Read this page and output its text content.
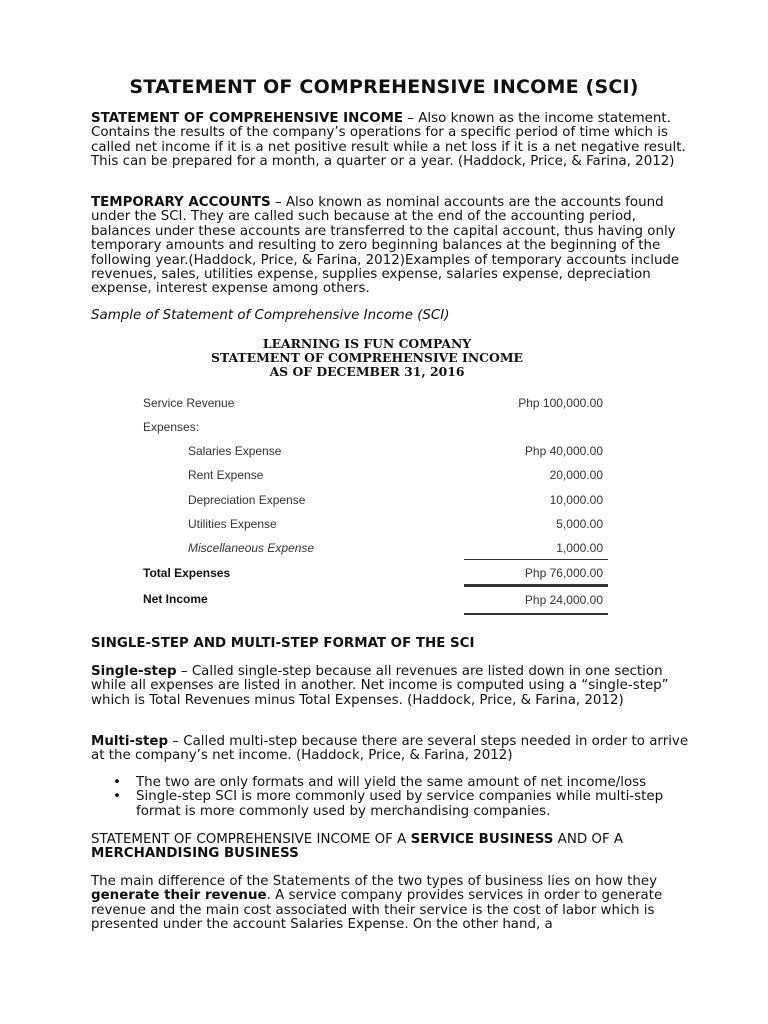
STATEMENT OF COMPREHENSIVE INCOME (SCI)

STATEMENT OF COMPREHENSIVE INCOME – Also known as the income statement. Contains the results of the company’s operations for a specific period of time which is called net income if it is a net positive result while a net loss if it is a net negative result. This can be prepared for a month, a quarter or a year. (Haddock, Price, & Farina, 2012)

TEMPORARY ACCOUNTS – Also known as nominal accounts are the accounts found under the SCI. They are called such because at the end of the accounting period, balances under these accounts are transferred to the capital account, thus having only temporary amounts and resulting to zero beginning balances at the beginning of the following year.(Haddock, Price, & Farina, 2012)Examples of temporary accounts include revenues, sales, utilities expense, supplies expense, salaries expense, depreciation expense, interest expense among others.

Sample of Statement of Comprehensive Income (SCI)

LEARNING IS FUN COMPANY

STATEMENT OF COMPREHENSIVE INCOME

AS OF DECEMBER 31, 2016

Service Revenue	Php 100,000.00
Expenses:
Salaries Expense	Php 40,000.00
Rent Expense	20,000.00
Depreciation Expense	10,000.00
Utilities Expense	5,000.00
Miscellaneous Expense	1,000.00
Total Expenses	Php 76,000.00
Net Income	Php 24,000.00

SINGLE-STEP AND MULTI-STEP FORMAT OF THE SCI

Single-step – Called single-step because all revenues are listed down in one section while all expenses are listed in another. Net income is computed using a “single-step” which is Total Revenues minus Total Expenses. (Haddock, Price, & Farina, 2012)

Multi-step – Called multi-step because there are several steps needed in order to arrive at the company’s net income. (Haddock, Price, & Farina, 2012)

• The two are only formats and will yield the same amount of net income/loss
• Single-step SCI is more commonly used by service companies while multi-step format is more commonly used by merchandising companies.

STATEMENT OF COMPREHENSIVE INCOME OF A SERVICE BUSINESS AND OF A MERCHANDISING BUSINESS

The main difference of the Statements of the two types of business lies on how they generate their revenue. A service company provides services in order to generate revenue and the main cost associated with their service is the cost of labor which is presented under the account Salaries Expense. On the other hand, a
